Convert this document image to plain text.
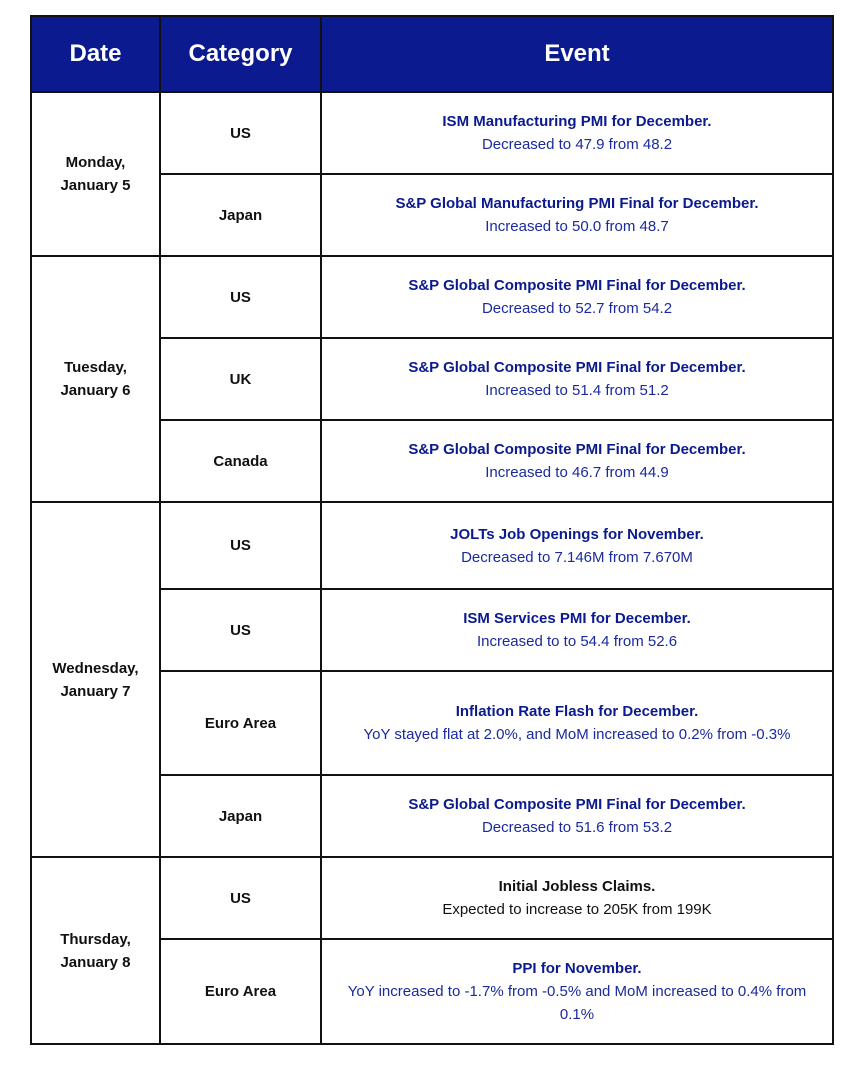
Date	Category	Event

Monday,
January 5	US	ISM Manufacturing PMI for December.
Decreased to 47.9 from 48.2

	Japan	S&P Global Manufacturing PMI Final for December.
Increased to 50.0 from 48.7

Tuesday,
January 6	US	S&P Global Composite PMI Final for December.
Decreased to 52.7 from 54.2

	UK	S&P Global Composite PMI Final for December.
Increased to 51.4 from 51.2

	Canada	S&P Global Composite PMI Final for December.
Increased to 46.7 from 44.9

Wednesday,
January 7	US	JOLTs Job Openings for November.
Decreased to 7.146M from 7.670M

	US	ISM Services PMI for December.
Increased to to 54.4 from 52.6

	Euro Area	Inflation Rate Flash for December.
YoY stayed flat at 2.0%, and MoM increased to 0.2% from -0.3%

	Japan	S&P Global Composite PMI Final for December.
Decreased to 51.6 from 53.2

Thursday,
January 8	US	Initial Jobless Claims.
Expected to increase to 205K from 199K

	Euro Area	PPI for November.
YoY increased to -1.7% from -0.5% and MoM increased to 0.4% from 0.1%
